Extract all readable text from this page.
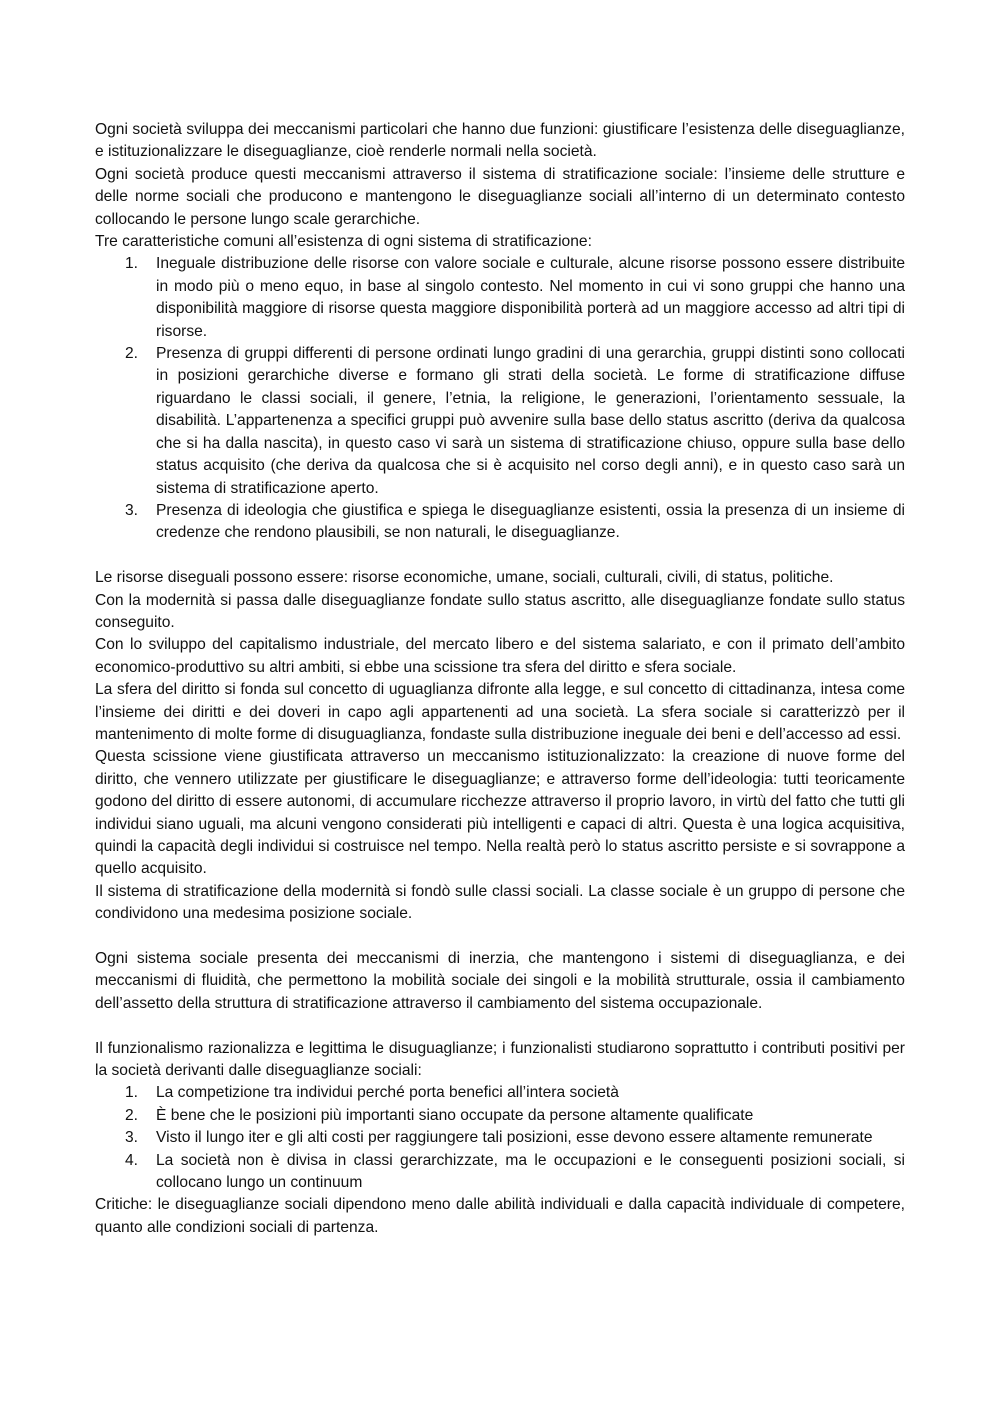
Ogni società sviluppa dei meccanismi particolari che hanno due funzioni: giustificare l’esistenza delle diseguaglianze, e istituzionalizzare le diseguaglianze, cioè renderle normali nella società.

Ogni società produce questi meccanismi attraverso il sistema di stratificazione sociale: l’insieme delle strutture e delle norme sociali che producono e mantengono le diseguaglianze sociali all’interno di un determinato contesto collocando le persone lungo scale gerarchiche.

Tre caratteristiche comuni all’esistenza di ogni sistema di stratificazione:

1. Ineguale distribuzione delle risorse con valore sociale e culturale, alcune risorse possono essere distribuite in modo più o meno equo, in base al singolo contesto. Nel momento in cui vi sono gruppi che hanno una disponibilità maggiore di risorse questa maggiore disponibilità porterà ad un maggiore accesso ad altri tipi di risorse.
2. Presenza di gruppi differenti di persone ordinati lungo gradini di una gerarchia, gruppi distinti sono collocati in posizioni gerarchiche diverse e formano gli strati della società. Le forme di stratificazione diffuse riguardano le classi sociali, il genere, l’etnia, la religione, le generazioni, l’orientamento sessuale, la disabilità. L’appartenenza a specifici gruppi può avvenire sulla base dello status ascritto (deriva da qualcosa che si ha dalla nascita), in questo caso vi sarà un sistema di stratificazione chiuso, oppure sulla base dello status acquisito (che deriva da qualcosa che si è acquisito nel corso degli anni), e in questo caso sarà un sistema di stratificazione aperto.
3. Presenza di ideologia che giustifica e spiega le diseguaglianze esistenti, ossia la presenza di un insieme di credenze che rendono plausibili, se non naturali, le diseguaglianze.

Le risorse diseguali possono essere: risorse economiche, umane, sociali, culturali, civili, di status, politiche.

Con la modernità si passa dalle diseguaglianze fondate sullo status ascritto, alle diseguaglianze fondate sullo status conseguito.

Con lo sviluppo del capitalismo industriale, del mercato libero e del sistema salariato, e con il primato dell’ambito economico-produttivo su altri ambiti, si ebbe una scissione tra sfera del diritto e sfera sociale.

La sfera del diritto si fonda sul concetto di uguaglianza difronte alla legge, e sul concetto di cittadinanza, intesa come l’insieme dei diritti e dei doveri in capo agli appartenenti ad una società. La sfera sociale si caratterizzò per il mantenimento di molte forme di disuguaglianza, fondaste sulla distribuzione ineguale dei beni e dell’accesso ad essi.

Questa scissione viene giustificata attraverso un meccanismo istituzionalizzato: la creazione di nuove forme del diritto, che vennero utilizzate per giustificare le diseguaglianze; e attraverso forme dell’ideologia: tutti teoricamente godono del diritto di essere autonomi, di accumulare ricchezze attraverso il proprio lavoro, in virtù del fatto che tutti gli individui siano uguali, ma alcuni vengono considerati più intelligenti e capaci di altri. Questa è una logica acquisitiva, quindi la capacità degli individui si costruisce nel tempo. Nella realtà però lo status ascritto persiste e si sovrappone a quello acquisito.

Il sistema di stratificazione della modernità si fondò sulle classi sociali. La classe sociale è un gruppo di persone che condividono una medesima posizione sociale.

Ogni sistema sociale presenta dei meccanismi di inerzia, che mantengono i sistemi di diseguaglianza, e dei meccanismi di fluidità, che permettono la mobilità sociale dei singoli e la mobilità strutturale, ossia il cambiamento dell’assetto della struttura di stratificazione attraverso il cambiamento del sistema occupazionale.

Il funzionalismo razionalizza e legittima le disuguaglianze; i funzionalisti studiarono soprattutto i contributi positivi per la società derivanti dalle diseguaglianze sociali:

1. La competizione tra individui perché porta benefici all’intera società
2. È bene che le posizioni più importanti siano occupate da persone altamente qualificate
3. Visto il lungo iter e gli alti costi per raggiungere tali posizioni, esse devono essere altamente remunerate
4. La società non è divisa in classi gerarchizzate, ma le occupazioni e le conseguenti posizioni sociali, si collocano lungo un continuum

Critiche: le diseguaglianze sociali dipendono meno dalle abilità individuali e dalla capacità individuale di competere, quanto alle condizioni sociali di partenza.
